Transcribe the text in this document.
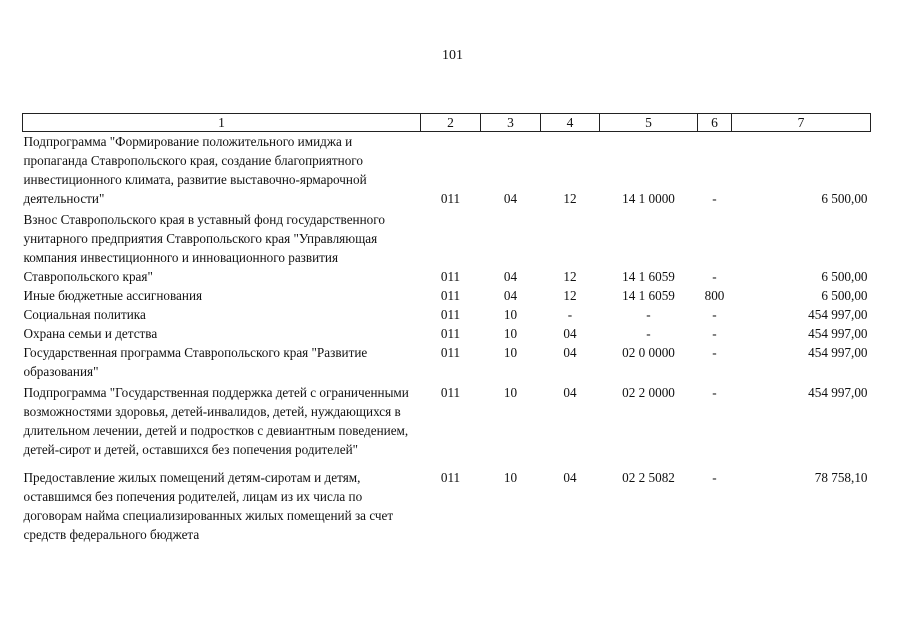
101
1	2	3	4	5	6	7
Подпрограмма "Формирование положительного имиджа и пропаганда Ставропольского края, создание благоприятного инвестиционного климата, развитие выставочно-ярмарочной деятельности"	011	04	12	14 1 0000	-	6 500,00
Взнос Ставропольского края в уставный фонд государственного унитарного предприятия Ставропольского края "Управляющая компания инвестиционного и инновационного развития Ставропольского края"	011	04	12	14 1 6059	-	6 500,00
Иные бюджетные ассигнования	011	04	12	14 1 6059	800	6 500,00
Социальная политика	011	10	-	-	-	454 997,00
Охрана семьи и детства	011	10	04	-	-	454 997,00
Государственная программа Ставропольского края "Развитие образования"	011	10	04	02 0 0000	-	454 997,00
Подпрограмма "Государственная поддержка детей с ограниченными возможностями здоровья, детей-инвалидов, детей, нуждающихся в длительном лечении, детей и подростков с девиантным поведением, детей-сирот и детей, оставшихся без попечения родителей"	011	10	04	02 2 0000	-	454 997,00
Предоставление жилых помещений детям-сиротам и детям, оставшимся без попечения родителей, лицам из их числа по договорам найма специализированных жилых помещений за счет средств федерального бюджета	011	10	04	02 2 5082	-	78 758,10
